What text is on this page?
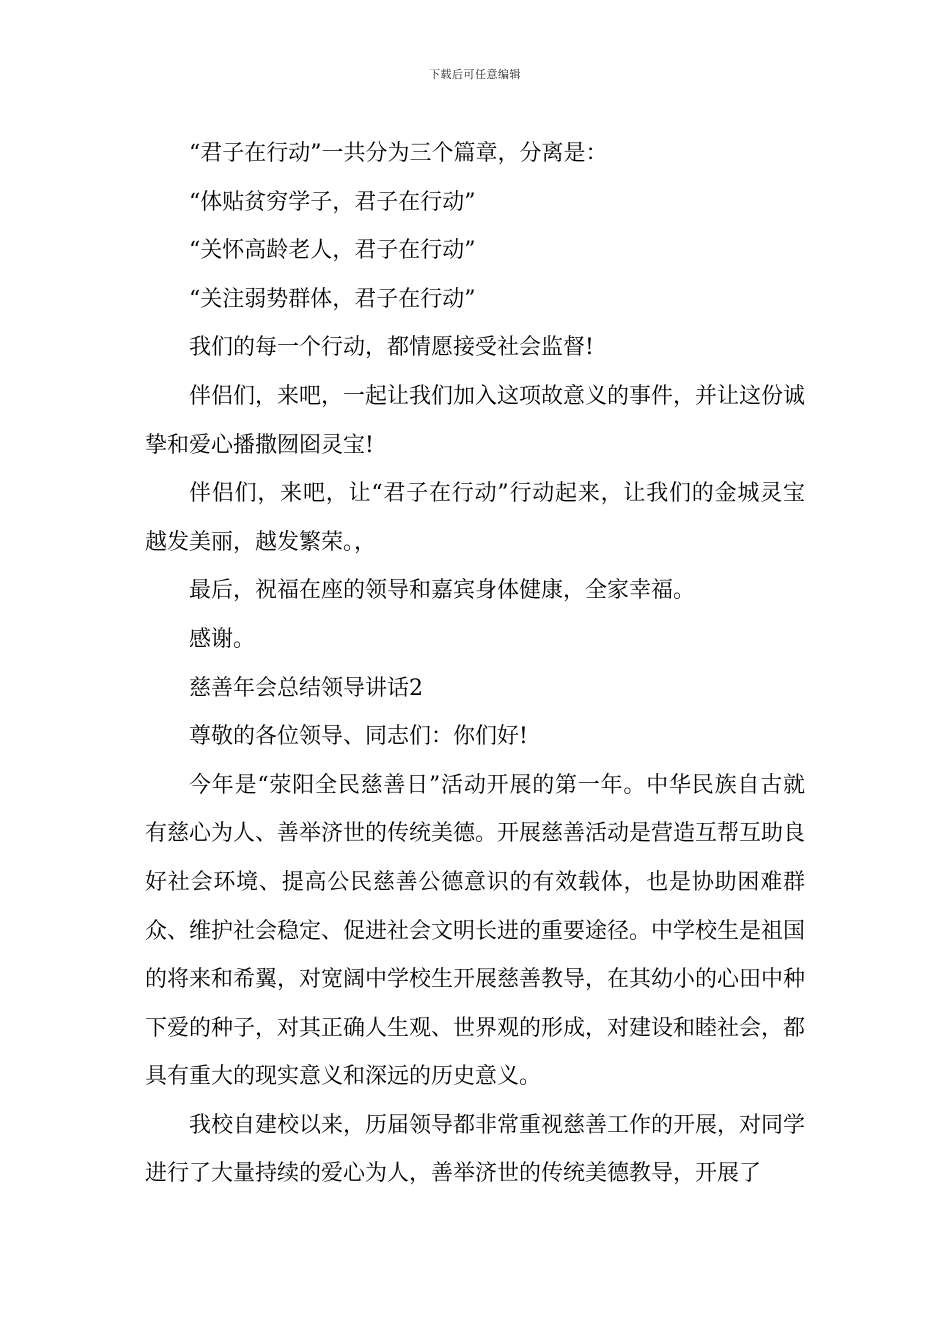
下载后可任意编辑

“君子在行动”一共分为三个篇章，分离是：

“体贴贫穷学子，君子在行动”

“关怀高龄老人，君子在行动”

“关注弱势群体，君子在行动”

我们的每一个行动，都情愿接受社会监督!

伴侣们，来吧，一起让我们加入这项故意义的事件，并让这份诚挚和爱心播撒囫囵灵宝!

伴侣们，来吧，让“君子在行动”行动起来，让我们的金城灵宝越发美丽，越发繁荣。，

最后，祝福在座的领导和嘉宾身体健康，全家幸福。

感谢。

慈善年会总结领导讲话2

尊敬的各位领导、同志们：你们好!

今年是“荥阳全民慈善日”活动开展的第一年。中华民族自古就有慈心为人、善举济世的传统美德。开展慈善活动是营造互帮互助良好社会环境、提高公民慈善公德意识的有效载体，也是协助困难群众、维护社会稳定、促进社会文明长进的重要途径。中学校生是祖国的将来和希翼，对宽阔中学校生开展慈善教导，在其幼小的心田中种下爱的种子，对其正确人生观、世界观的形成，对建设和睦社会，都具有重大的现实意义和深远的历史意义。

我校自建校以来，历届领导都非常重视慈善工作的开展，对同学进行了大量持续的爱心为人，善举济世的传统美德教导，开展了
